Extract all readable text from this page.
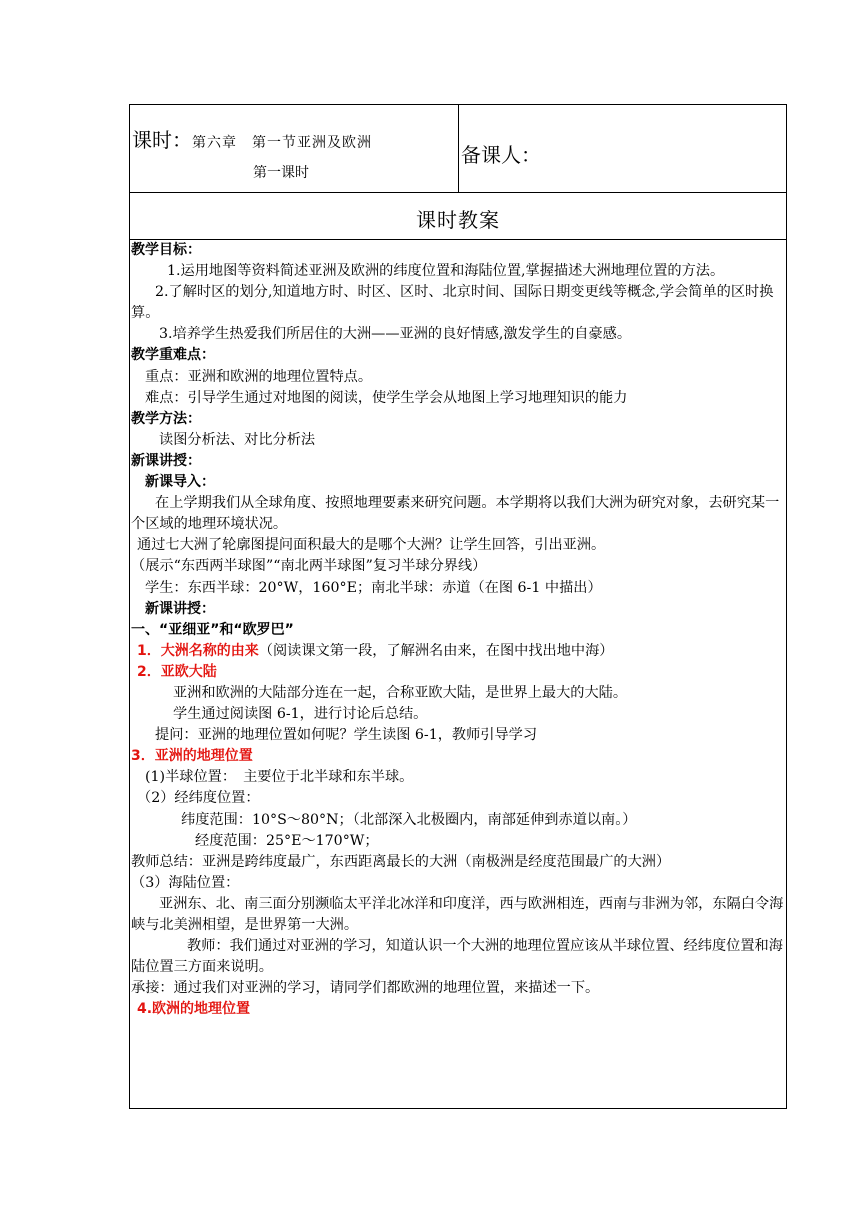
课时：第六章　第一节亚洲及欧洲
第一课时
备课人：
课时教案

教学目标：

1.运用地图等资料简述亚洲及欧洲的纬度位置和海陆位置,掌握描述大洲地理位置的方法。

2.了解时区的划分,知道地方时、时区、区时、北京时间、国际日期变更线等概念,学会简单的区时换算。

3.培养学生热爱我们所居住的大洲——亚洲的良好情感,激发学生的自豪感。

教学重难点：

重点：亚洲和欧洲的地理位置特点。

难点：引导学生通过对地图的阅读，使学生学会从地图上学习地理知识的能力

教学方法：

读图分析法、对比分析法

新课讲授：

新课导入：

在上学期我们从全球角度、按照地理要素来研究问题。本学期将以我们大洲为研究对象，去研究某一个区域的地理环境状况。

通过七大洲了轮廓图提问面积最大的是哪个大洲？让学生回答，引出亚洲。

（展示“东西两半球图”“南北两半球图”复习半球分界线）

学生：东西半球：20°W，160°E；南北半球：赤道（在图 6-1 中描出）

新课讲授：

一、“亚细亚”和“欧罗巴”

1．大洲名称的由来（阅读课文第一段，了解洲名由来，在图中找出地中海）

2．亚欧大陆

亚洲和欧洲的大陆部分连在一起，合称亚欧大陆，是世界上最大的大陆。

学生通过阅读图 6-1，进行讨论后总结。

提问：亚洲的地理位置如何呢？学生读图 6-1，教师引导学习

3．亚洲的地理位置

(1)半球位置：　主要位于北半球和东半球。

（2）经纬度位置：

纬度范围：10°S～80°N；（北部深入北极圈内，南部延伸到赤道以南。）

经度范围：25°E～170°W；

教师总结：亚洲是跨纬度最广，东西距离最长的大洲（南极洲是经度范围最广的大洲）

（3）海陆位置：

亚洲东、北、南三面分别濒临太平洋北冰洋和印度洋，西与欧洲相连，西南与非洲为邻，东隔白令海峡与北美洲相望，是世界第一大洲。

教师：我们通过对亚洲的学习，知道认识一个大洲的地理位置应该从半球位置、经纬度位置和海陆位置三方面来说明。

承接：通过我们对亚洲的学习，请同学们都欧洲的地理位置，来描述一下。

4.欧洲的地理位置
